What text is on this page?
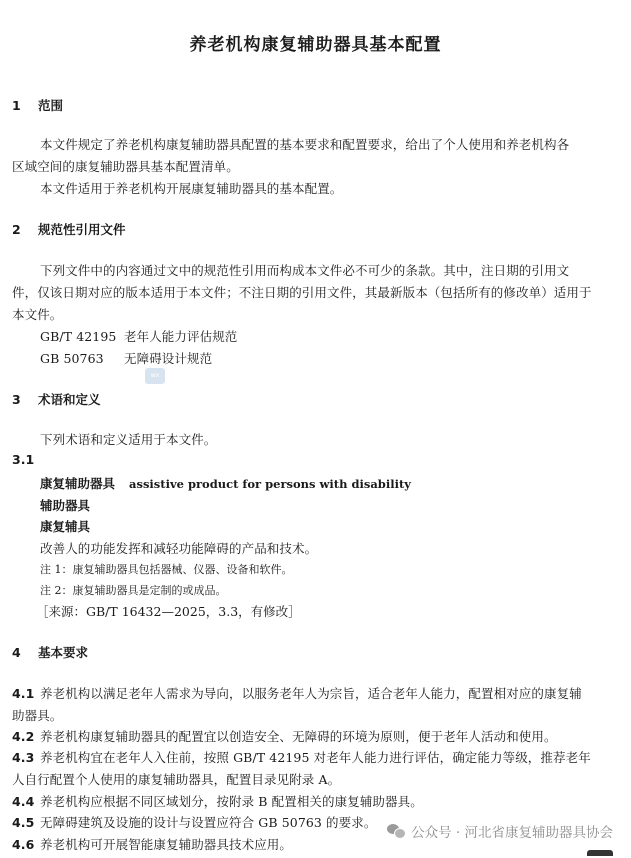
养老机构康复辅助器具基本配置
1 范围
本文件规定了养老机构康复辅助器具配置的基本要求和配置要求，给出了个人使用和养老机构各
区域空间的康复辅助器具基本配置清单。
本文件适用于养老机构开展康复辅助器具的基本配置。
2 规范性引用文件
下列文件中的内容通过文中的规范性引用而构成本文件必不可少的条款。其中，注日期的引用文
件，仅该日期对应的版本适用于本文件；不注日期的引用文件，其最新版本（包括所有的修改单）适用于
本文件。
GB/T 42195 老年人能力评估规范
GB 50763 无障碍设计规范
wx
3 术语和定义
下列术语和定义适用于本文件。
3.1
康复辅助器具 assistive product for persons with disability
辅助器具
康复辅具
改善人的功能发挥和减轻功能障碍的产品和技术。
注 1：康复辅助器具包括器械、仪器、设备和软件。
注 2：康复辅助器具是定制的或成品。
［来源：GB/T 16432—2025，3.3，有修改］
4 基本要求
4.1 养老机构以满足老年人需求为导向，以服务老年人为宗旨，适合老年人能力，配置相对应的康复辅
助器具。
4.2 养老机构康复辅助器具的配置宜以创造安全、无障碍的环境为原则，便于老年人活动和使用。
4.3 养老机构宜在老年人入住前，按照 GB/T 42195 对老年人能力进行评估，确定能力等级，推荐老年
人自行配置个人使用的康复辅助器具，配置目录见附录 A。
4.4 养老机构应根据不同区域划分，按附录 B 配置相关的康复辅助器具。
4.5 无障碍建筑及设施的设计与设置应符合 GB 50763 的要求。
4.6 养老机构可开展智能康复辅助器具技术应用。
公众号 · 河北省康复辅助器具协会
